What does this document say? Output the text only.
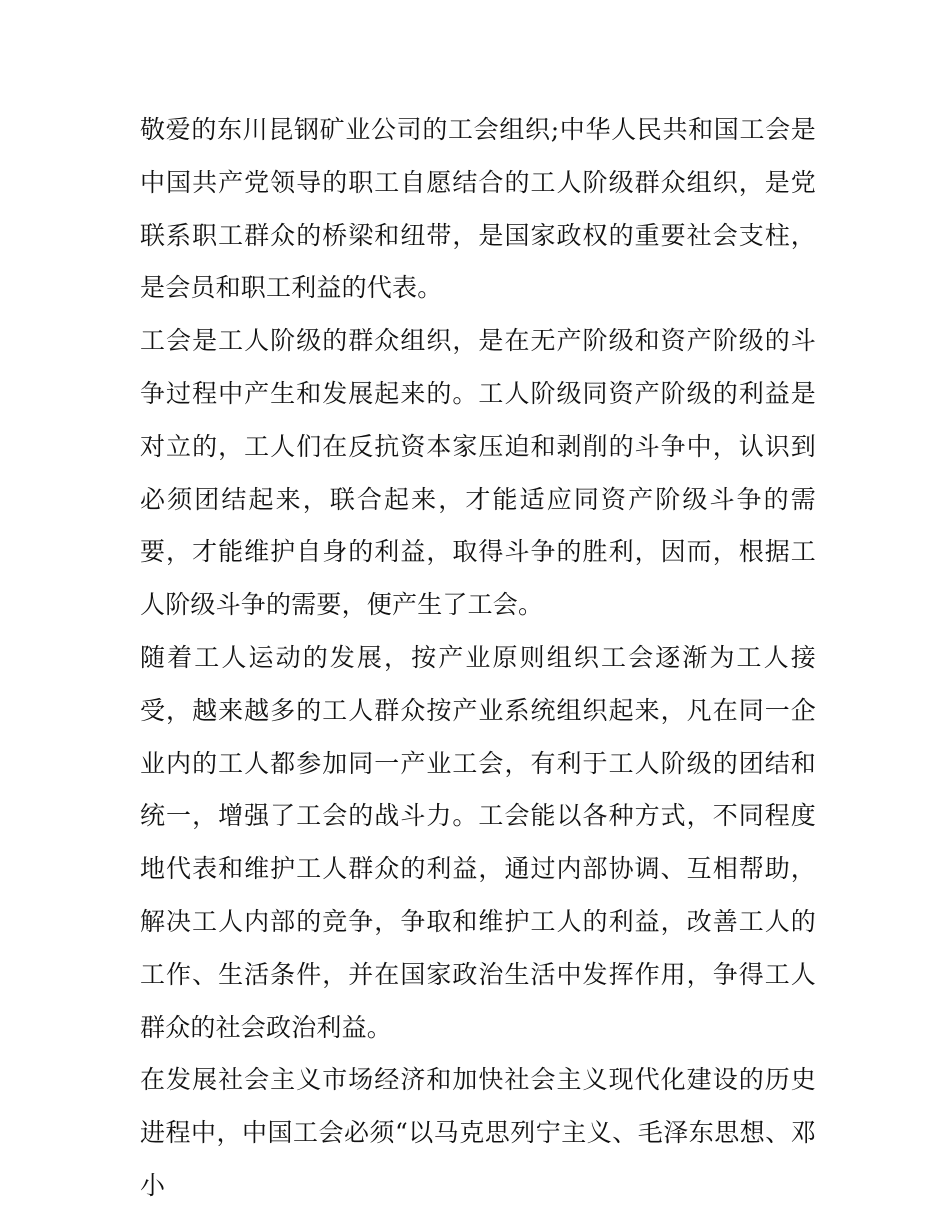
敬爱的东川昆钢矿业公司的工会组织;中华人民共和国工会是中国共产党领导的职工自愿结合的工人阶级群众组织，是党联系职工群众的桥梁和纽带，是国家政权的重要社会支柱，是会员和职工利益的代表。

工会是工人阶级的群众组织，是在无产阶级和资产阶级的斗争过程中产生和发展起来的。工人阶级同资产阶级的利益是对立的，工人们在反抗资本家压迫和剥削的斗争中，认识到必须团结起来，联合起来，才能适应同资产阶级斗争的需要，才能维护自身的利益，取得斗争的胜利，因而，根据工人阶级斗争的需要，便产生了工会。

随着工人运动的发展，按产业原则组织工会逐渐为工人接受，越来越多的工人群众按产业系统组织起来，凡在同一企业内的工人都参加同一产业工会，有利于工人阶级的团结和统一，增强了工会的战斗力。工会能以各种方式，不同程度地代表和维护工人群众的利益，通过内部协调、互相帮助，解决工人内部的竞争，争取和维护工人的利益，改善工人的工作、生活条件，并在国家政治生活中发挥作用，争得工人群众的社会政治利益。

在发展社会主义市场经济和加快社会主义现代化建设的历史进程中，中国工会必须“以马克思列宁主义、毛泽东思想、邓小
